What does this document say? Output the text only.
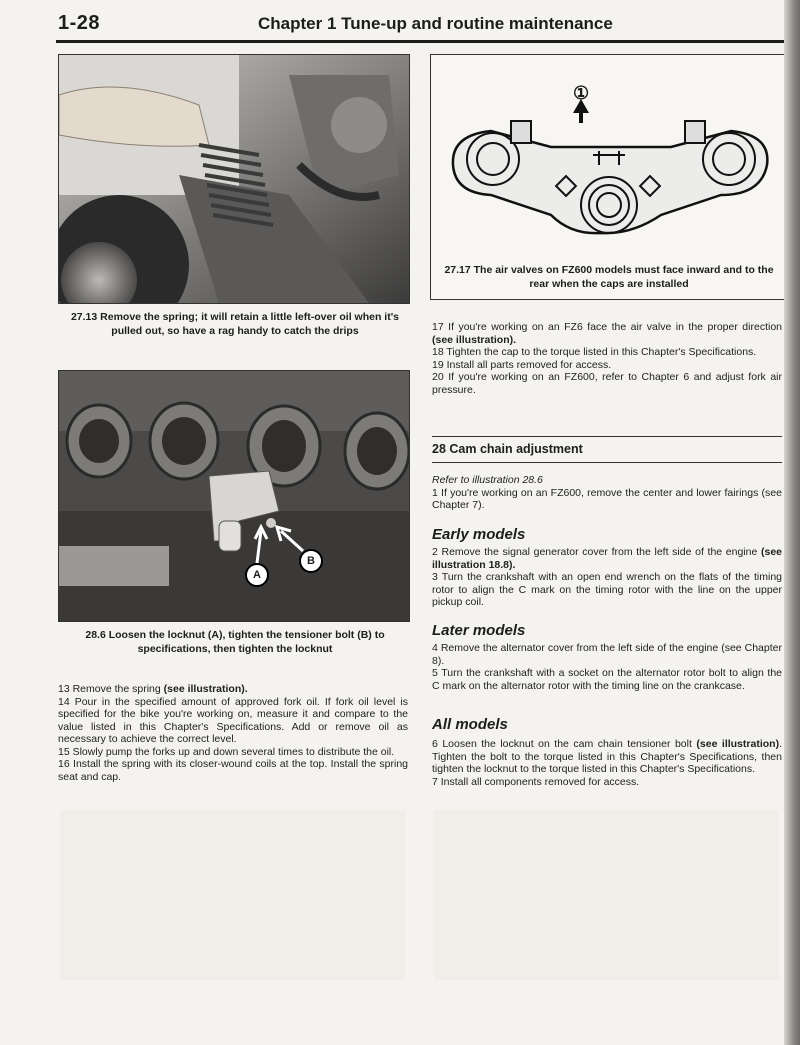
1-28	Chapter 1 Tune-up and routine maintenance
27.13 Remove the spring; it will retain a little left-over oil when it's pulled out, so have a rag handy to catch the drips
A
B
28.6 Loosen the locknut (A), tighten the tensioner bolt (B) to specifications, then tighten the locknut
①
27.17 The air valves on FZ600 models must face inward and to the rear when the caps are installed

13 Remove the spring (see illustration).

14 Pour in the specified amount of approved fork oil. If fork oil level is specified for the bike you're working on, measure it and compare to the value listed in this Chapter's Specifications. Add or remove oil as necessary to achieve the correct level.

15 Slowly pump the forks up and down several times to distribute the oil.

16 Install the spring with its closer-wound coils at the top. Install the spring seat and cap.

17 If you're working on an FZ6 face the air valve in the proper direction (see illustration).

18 Tighten the cap to the torque listed in this Chapter's Specifications.

19 Install all parts removed for access.

20 If you're working on an FZ600, refer to Chapter 6 and adjust fork air pressure.

28 Cam chain adjustment

Refer to illustration 28.6

1 If you're working on an FZ600, remove the center and lower fairings (see Chapter 7).

Early models

2 Remove the signal generator cover from the left side of the engine (see illustration 18.8).

3 Turn the crankshaft with an open end wrench on the flats of the timing rotor to align the C mark on the timing rotor with the line on the upper pickup coil.

Later models

4 Remove the alternator cover from the left side of the engine (see Chapter 8).

5 Turn the crankshaft with a socket on the alternator rotor bolt to align the C mark on the alternator rotor with the timing line on the crankcase.

All models

6 Loosen the locknut on the cam chain tensioner bolt (see illustration). Tighten the bolt to the torque listed in this Chapter's Specifications, then tighten the locknut to the torque listed in this Chapter's Specifications.

7 Install all components removed for access.
